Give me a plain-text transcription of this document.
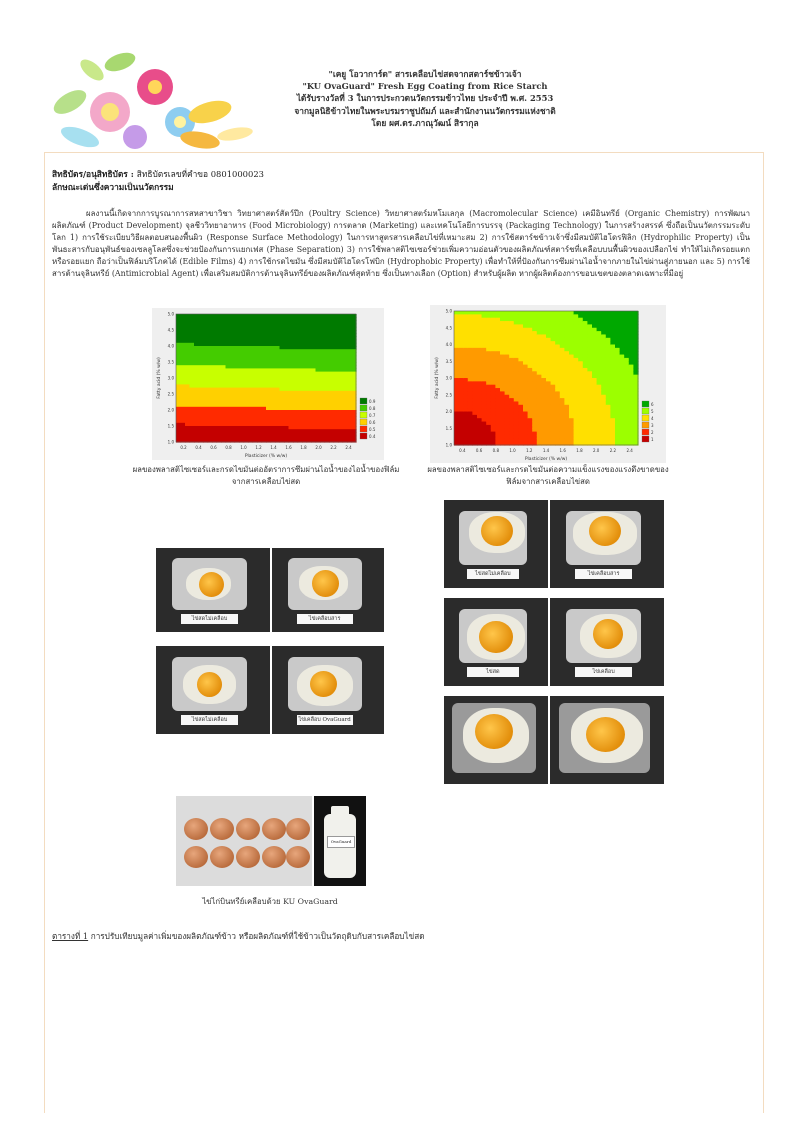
"เคยู โอวาการ์ด" สารเคลือบไข่สดจากสตาร์ชข้าวเจ้า
"KU OvaGuard" Fresh Egg Coating from Rice Starch
ได้รับรางวัลที่ 3 ในการประกวดนวัตกรรมข้าวไทย ประจำปี พ.ศ. 2553
จากมูลนิธิข้าวไทยในพระบรมราชูปถัมภ์ และสำนักงานนวัตกรรมแห่งชาติ
โดย ผศ.ดร.ภาณุวัฒน์ สิรากุล
สิทธิบัตร/อนุสิทธิบัตร : สิทธิบัตรเลขที่คำขอ 0801000023
ลักษณะเด่นซึ่งความเป็นนวัตกรรม
ผลงานนี้เกิดจากการบูรณาการสหสาขาวิชา วิทยาศาสตร์สัตว์ปีก (Poultry Science) วิทยาศาสตร์มหโมเลกุล (Macromolecular Science) เคมีอินทรีย์ (Organic Chemistry) การพัฒนาผลิตภัณฑ์ (Product Development) จุลชีววิทยาอาหาร (Food Microbiology) การตลาด (Marketing) และเทคโนโลยีการบรรจุ (Packaging Technology) ในการสร้างสรรค์ ซึ่งถือเป็นนวัตกรรมระดับโลก 1) การใช้ระเบียบวิธีผลตอบสนองพื้นผิว (Response Surface Methodology) ในการหาสูตรสารเคลือบไข่ที่เหมาะสม 2) การใช้สตาร์ชข้าวเจ้าซึ่งมีสมบัติไฮโดรฟิลิก (Hydrophilic Property) เป็นพันธะสารกับอนุพันธ์ของเซลลูโลสซึ่งจะช่วยป้องกันการแยกเฟส (Phase Separation) 3) การใช้พลาสติไซเซอร์ช่วยเพิ่มความอ่อนตัวของผลิตภัณฑ์สตาร์ชที่เคลือบบนพื้นผิวของเปลือกไข่ ทำให้ไม่เกิดรอยแตก หรือรอยแยก ถือว่าเป็นฟิล์มบริโภคได้ (Edible Films) 4) การใช้กรดไขมัน ซึ่งมีสมบัติไฮโดรโฟบิก (Hydrophobic Property) เพื่อทำให้ที่ป้องกันการซึมผ่านไอน้ำจากภายในไข่ผ่านสู่ภายนอก และ 5) การใช้สารต้านจุลินทรีย์ (Antimicrobial Agent) เพื่อเสริมสมบัติการต้านจุลินทรีย์ของผลิตภัณฑ์สุดท้าย ซึ่งเป็นทางเลือก (Option) สำหรับผู้ผลิต หากผู้ผลิตต้องการขอบเขตของตลาดเฉพาะที่มีอยู่
0.2 0.4 0.6 0.8 1.0 1.2 1.4 1.6 1.8 2.0 2.2 2.4
1.0
1.5
2.0
2.5
3.0
3.5
4.0
4.5
5.0
Plasticizer (% w/w)
Fatty acid (% w/w)
0.9
0.8
0.7
0.6
0.5
0.4
ผลของพลาสติไซเซอร์และกรดไขมันต่ออัตราการซึมผ่านไอน้ำของไอน้ำของฟิล์มจากสารเคลือบไข่สด
0.4	0.6	0.8	1.0	1.2	1.4	1.6	1.8	2.0	2.2	2.4
1.0
1.5
2.0
2.5
3.0
3.5
4.0
4.5
5.0
Plasticizer (% w/w)
Fatty acid (% w/w)
6
5
4
3
2
1
ผลของพลาสติไซเซอร์และกรดไขมันต่อความแข็งแรงของแรงดึงขาดของฟิล์มจากสารเคลือบไข่สด
ไข่สดไม่เคลือบ	ไข่เคลือบสาร
ไข่สดไม่เคลือบ	ไข่เคลือบ OvaGuard
ไข่สดไม่เคลือบ	ไข่เคลือบสาร
ไข่สด	ไข่เคลือบ
OvaGuard
ไข่ไก่บินทรีย์เคลือบด้วย KU OvaGuard
ตารางที่ 1 การปรับเทียบมูลค่าเพิ่มของผลิตภัณฑ์ข้าว หรือผลิตภัณฑ์ที่ใช้ข้าวเป็นวัตถุดิบกับสารเคลือบไข่สด
